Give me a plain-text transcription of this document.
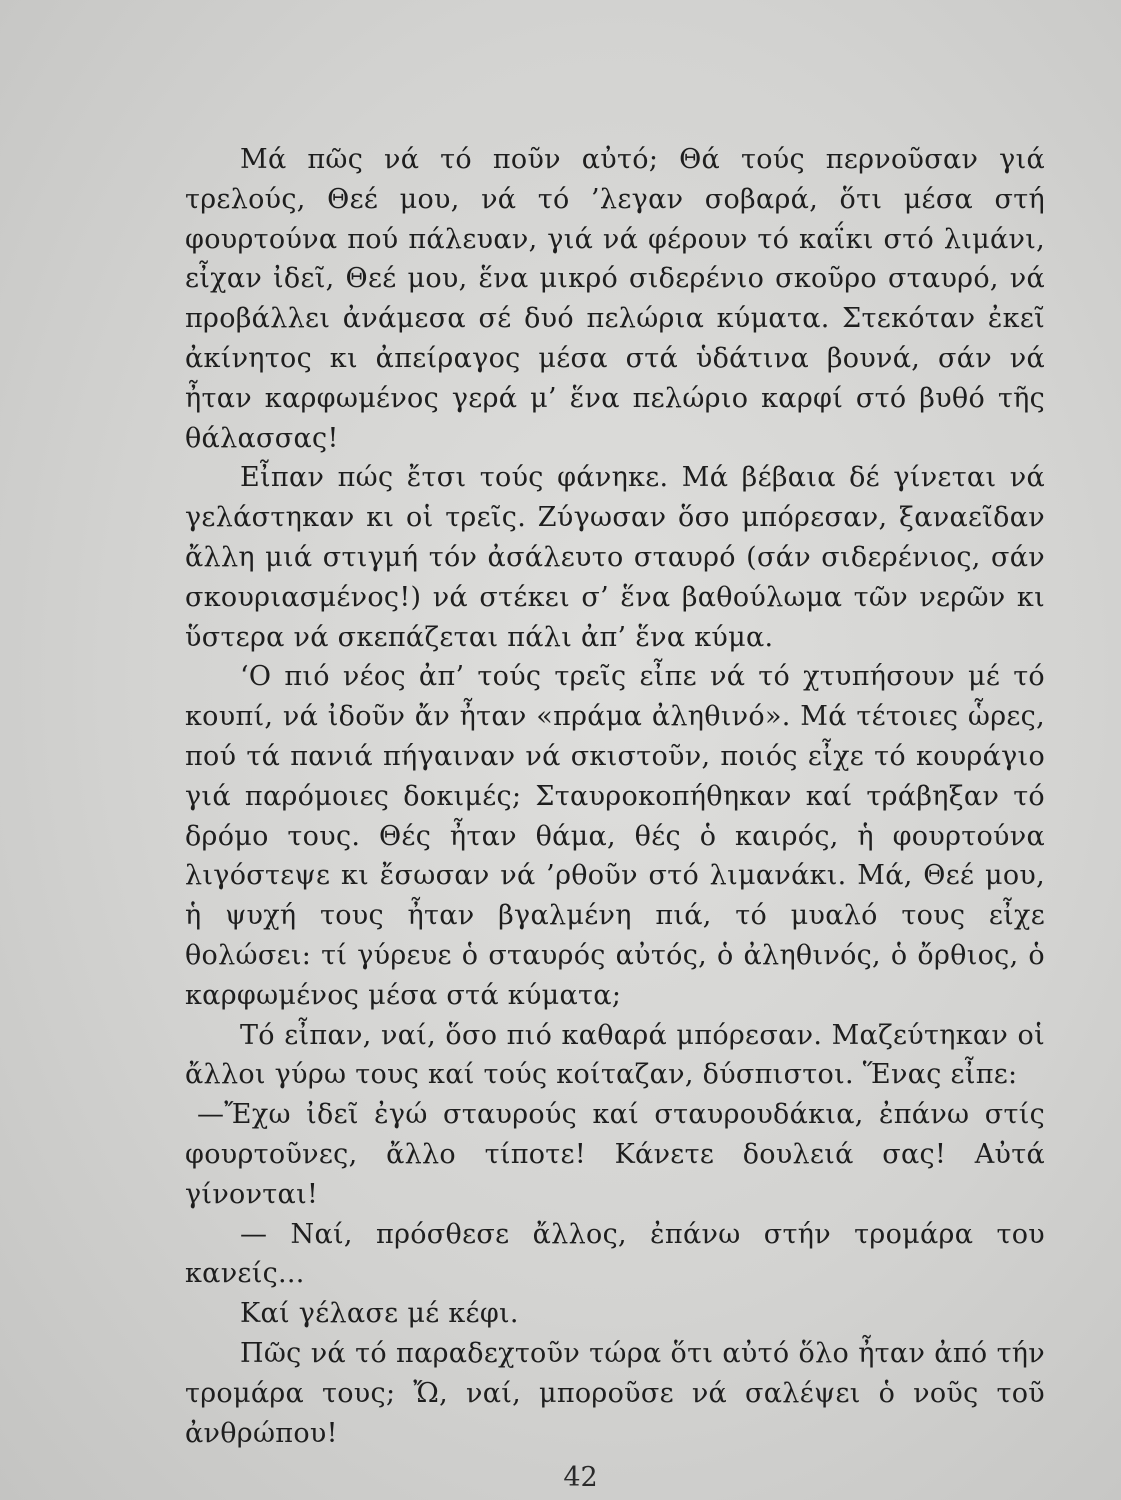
Μά πῶς νά τό ποῦν αὐτό; Θά τούς περνοῦσαν γιά τρελούς, Θεέ μου, νά τό ’λεγαν σοβαρά, ὅτι μέσα στή φουρτούνα πού πάλευαν, γιά νά φέρουν τό καΐκι στό λιμάνι, εἶχαν ἰδεῖ, Θεέ μου, ἕνα μικρό σιδερένιο σκοῦρο σταυρό, νά προβάλλει ἀνάμεσα σέ δυό πελώρια κύματα. Στεκόταν ἐκεῖ ἀκίνητος κι ἀπείραγος μέσα στά ὑδάτινα βουνά, σάν νά ἦταν καρφωμένος γερά μ’ ἕνα πελώριο καρφί στό βυθό τῆς θάλασσας!

Εἶπαν πώς ἔτσι τούς φάνηκε. Μά βέβαια δέ γίνεται νά γελάστηκαν κι οἱ τρεῖς. Ζύγωσαν ὅσο μπόρεσαν, ξαναεῖδαν ἄλλη μιά στιγμή τόν ἀσάλευτο σταυρό (σάν σιδερένιος, σάν σκουριασμένος!) νά στέκει σ’ ἕνα βαθούλωμα τῶν νερῶν κι ὕστερα νά σκεπάζεται πάλι ἀπ’ ἕνα κύμα.

‘Ο πιό νέος ἀπ’ τούς τρεῖς εἶπε νά τό χτυπήσουν μέ τό κουπί, νά ἰδοῦν ἄν ἦταν «πράμα ἀληθινό». Μά τέτοιες ὧρες, πού τά πανιά πήγαιναν νά σκιστοῦν, ποιός εἶχε τό κουράγιο γιά παρόμοιες δοκιμές; Σταυροκοπήθηκαν καί τράβηξαν τό δρόμο τους. Θές ἦταν θάμα, θές ὁ καιρός, ἡ φουρτούνα λιγόστεψε κι ἔσωσαν νά ’ρθοῦν στό λιμανάκι. Μά, Θεέ μου, ἡ ψυχή τους ἦταν βγαλμένη πιά, τό μυαλό τους εἶχε θολώσει: τί γύρευε ὁ σταυρός αὐτός, ὁ ἀληθινός, ὁ ὄρθιος, ὁ καρφωμένος μέσα στά κύματα;

Τό εἶπαν, ναί, ὅσο πιό καθαρά μπόρεσαν. Μαζεύτηκαν οἱ ἄλλοι γύρω τους καί τούς κοίταζαν, δύσπιστοι. Ἕνας εἶπε:

—Ἔχω ἰδεῖ ἐγώ σταυρούς καί σταυρουδάκια, ἐπάνω στίς φουρτοῦνες, ἄλλο τίποτε! Κάνετε δουλειά σας! Αὐτά γίνονται!

— Ναί, πρόσθεσε ἄλλος, ἐπάνω στήν τρομάρα του κανείς...

Καί γέλασε μέ κέφι.

Πῶς νά τό παραδεχτοῦν τώρα ὅτι αὐτό ὅλο ἦταν ἀπό τήν τρομάρα τους; Ὤ, ναί, μποροῦσε νά σαλέψει ὁ νοῦς τοῦ ἀνθρώπου!

42
